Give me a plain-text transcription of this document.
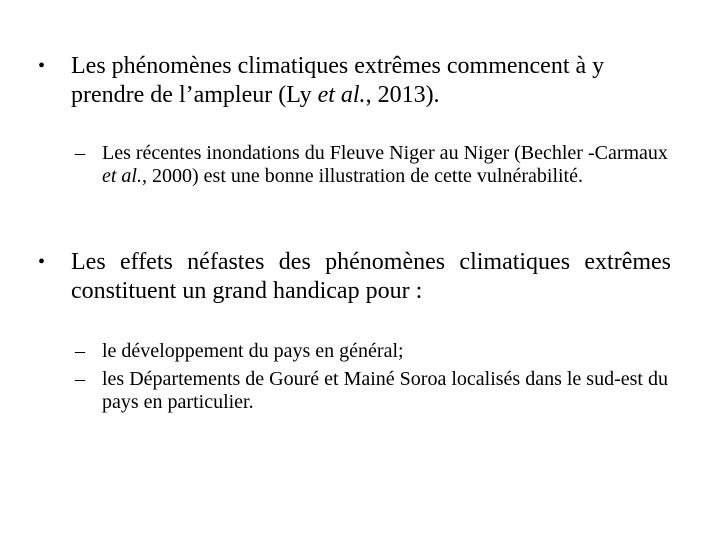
•	Les phénomènes climatiques extrêmes commencent à y prendre de l’ampleur (Ly et al., 2013).
– Les récentes inondations du Fleuve Niger au Niger (Bechler -Carmaux et al., 2000) est une bonne illustration de cette vulnérabilité.
•	Les effets néfastes des phénomènes climatiques extrêmes constituent un grand handicap pour :
– le développement du pays en général;
– les Départements de Gouré et Mainé Soroa localisés dans le sud-est du pays en particulier.
